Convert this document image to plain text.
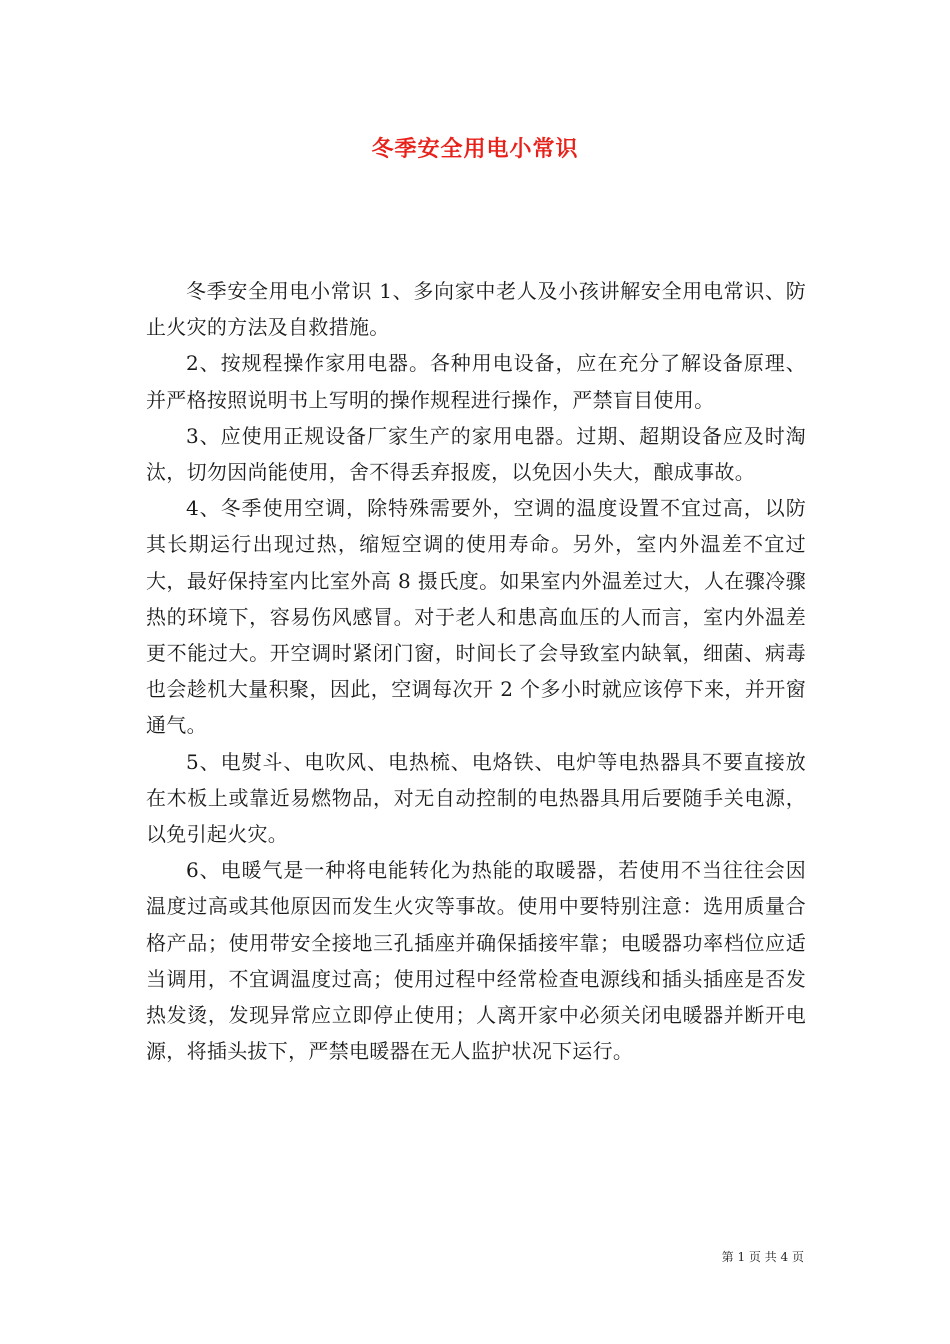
冬季安全用电小常识

冬季安全用电小常识 1、多向家中老人及小孩讲解安全用电常识、防止火灾的方法及自救措施。

2、按规程操作家用电器。各种用电设备，应在充分了解设备原理、并严格按照说明书上写明的操作规程进行操作，严禁盲目使用。

3、应使用正规设备厂家生产的家用电器。过期、超期设备应及时淘汰，切勿因尚能使用，舍不得丢弃报废，以免因小失大，酿成事故。

4、冬季使用空调，除特殊需要外，空调的温度设置不宜过高，以防其长期运行出现过热，缩短空调的使用寿命。另外，室内外温差不宜过大，最好保持室内比室外高 8 摄氏度。如果室内外温差过大，人在骤冷骤热的环境下，容易伤风感冒。对于老人和患高血压的人而言，室内外温差更不能过大。开空调时紧闭门窗，时间长了会导致室内缺氧，细菌、病毒也会趁机大量积聚，因此，空调每次开 2 个多小时就应该停下来，并开窗通气。

5、电熨斗、电吹风、电热梳、电烙铁、电炉等电热器具不要直接放在木板上或靠近易燃物品，对无自动控制的电热器具用后要随手关电源，以免引起火灾。

6、电暖气是一种将电能转化为热能的取暖器，若使用不当往往会因温度过高或其他原因而发生火灾等事故。使用中要特别注意：选用质量合格产品；使用带安全接地三孔插座并确保插接牢靠；电暖器功率档位应适当调用，不宜调温度过高；使用过程中经常检查电源线和插头插座是否发热发烫，发现异常应立即停止使用；人离开家中必须关闭电暖器并断开电源，将插头拔下，严禁电暖器在无人监护状况下运行。

第 1 页 共 4 页
